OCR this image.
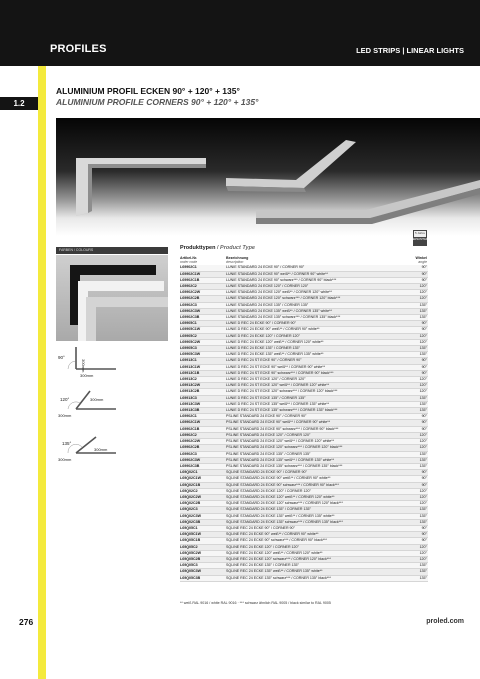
PROFILES	LED STRIPS | LINEAR LIGHTS
1.2
ALUMINIUM PROFIL ECKEN 90° + 120° + 135°
ALUMINIUM PROFILE CORNERS 90° + 120° + 135°
FARBEN / COLOURS
90°
300mm
300mm
120°
300mm
300mm
135°
300mm
300mm
Produkttypen / Product Type
5 Jahre
ERSATZTEILE
Artikel-Nr.
order code	Bezeichnung
description	Winkel
angle
L69902C1	LUNIE STANDARD 24 ECKE 90° / CORNER 90°	90°
L69902C1W	LUNIE STANDARD 24 ECKE 90° weiß** / CORNER 90° white**	90°
L69902C1B	LUNIE STANDARD 24 ECKE 90° schwarz*** / CORNER 90° black***	90°
L69902C2	LUNIE STANDARD 24 ECKE 120° / CORNER 120°	120°
L69902C2W	LUNIE STANDARD 24 ECKE 120° weiß** / CORNER 120° white**	120°
L69902C2B	LUNIE STANDARD 24 ECKE 120° schwarz*** / CORNER 120° black***	120°
L69902C3	LUNIE STANDARD 24 ECKE 135° / CORNER 135°	135°
L69902C3W	LUNIE STANDARD 24 ECKE 135° weiß** / CORNER 135° white**	135°
L69902C3B	LUNIE STANDARD 24 ECKE 135° schwarz*** / CORNER 135° black***	135°
L69905C1	LUNIE D REC 24 ECKE 90° / CORNER 90°	90°
L69905C1W	LUNIE D REC 24 ECKE 90° weiß** / CORNER 90° white**	90°
L69905C2	LUNIE D REC 24 ECKE 120° / CORNER 120°	120°
L69905C2W	LUNIE D REC 24 ECKE 120° weiß** / CORNER 120° white**	120°
L69905C3	LUNIE D REC 24 ECKE 135° / CORNER 135°	135°
L69905C3W	LUNIE D REC 24 ECKE 135° weiß** / CORNER 135° white**	135°
L69913C1	LUNIE D REC 24 ST ECKE 90° / CORNER 90°	90°
L69913C1W	LUNIE D REC 24 ST ECKE 90° weiß** / CORNER 90° white**	90°
L69913C1B	LUNIE D REC 24 ST ECKE 90° schwarz*** / CORNER 90° black***	90°
L69913C2	LUNIE D REC 24 ST ECKE 120° / CORNER 120°	120°
L69913C2W	LUNIE D REC 24 ST ECKE 120° weiß** / CORNER 120° white**	120°
L69913C2B	LUNIE D REC 24 ST ECKE 120° schwarz*** / CORNER 120° black***	120°
L69913C3	LUNIE D REC 24 ST ECKE 135° / CORNER 135°	135°
L69913C3W	LUNIE D REC 24 ST ECKE 135° weiß** / CORNER 135° white**	135°
L69913C3B	LUNIE D REC 24 ST ECKE 135° schwarz*** / CORNER 135° black***	135°
L69902C1	PSLINE STANDARD 24 ECKE 90° / CORNER 90°	90°
L69902C1W	PSLINE STANDARD 24 ECKE 90° weiß** / CORNER 90° white**	90°
L69902C1B	PSLINE STANDARD 24 ECKE 90° schwarz*** / CORNER 90° black***	90°
L69902C2	PSLINE STANDARD 24 ECKE 120° / CORNER 120°	120°
L69902C2W	PSLINE STANDARD 24 ECKE 120° weiß** / CORNER 120° white**	120°
L69902C2B	PSLINE STANDARD 24 ECKE 120° schwarz*** / CORNER 120° black***	120°
L69902C3	PSLINE STANDARD 24 ECKE 135° / CORNER 135°	135°
L69902C3W	PSLINE STANDARD 24 ECKE 135° weiß** / CORNER 135° white**	135°
L69902C3B	PSLINE STANDARD 24 ECKE 135° schwarz*** / CORNER 135° black***	135°
L69Q02C1	SQLINE STANDARD 24 ECKE 90° / CORNER 90°	90°
L69Q02C1W	SQLINE STANDARD 24 ECKE 90° weiß** / CORNER 90° white**	90°
L69Q02C1B	SQLINE STANDARD 24 ECKE 90° schwarz*** / CORNER 90° black***	90°
L69Q02C2	SQLINE STANDARD 24 ECKE 120° / CORNER 120°	120°
L69Q02C2W	SQLINE STANDARD 24 ECKE 120° weiß** / CORNER 120° white**	120°
L69Q02C2B	SQLINE STANDARD 24 ECKE 120° schwarz*** / CORNER 120° black***	120°
L69Q02C3	SQLINE STANDARD 24 ECKE 135° / CORNER 135°	135°
L69Q02C3W	SQLINE STANDARD 24 ECKE 135° weiß** / CORNER 135° white**	135°
L69Q02C3B	SQLINE STANDARD 24 ECKE 135° schwarz*** / CORNER 135° black***	135°
L69Q05C1	SQLINE REC 24 ECKE 90° / CORNER 90°	90°
L69Q05C1W	SQLINE REC 24 ECKE 90° weiß** / CORNER 90° white**	90°
L69Q05C1B	SQLINE REC 24 ECKE 90° schwarz*** / CORNER 90° black***	90°
L69Q05C2	SQLINE REC 24 ECKE 120° / CORNER 120°	120°
L69Q05C2W	SQLINE REC 24 ECKE 120° weiß** / CORNER 120° white**	120°
L69Q05C2B	SQLINE REC 24 ECKE 120° schwarz*** / CORNER 120° black***	120°
L69Q05C3	SQLINE REC 24 ECKE 135° / CORNER 135°	135°
L69Q05C3W	SQLINE REC 24 ECKE 135° weiß** / CORNER 135° white**	135°
L69Q05C3B	SQLINE REC 24 ECKE 135° schwarz*** / CORNER 135° black***	135°
** weiß RAL 9016 / white RAL 9016 · *** schwarz ähnlich RAL 9005 / black similar to RAL 9005
276	proled.com
